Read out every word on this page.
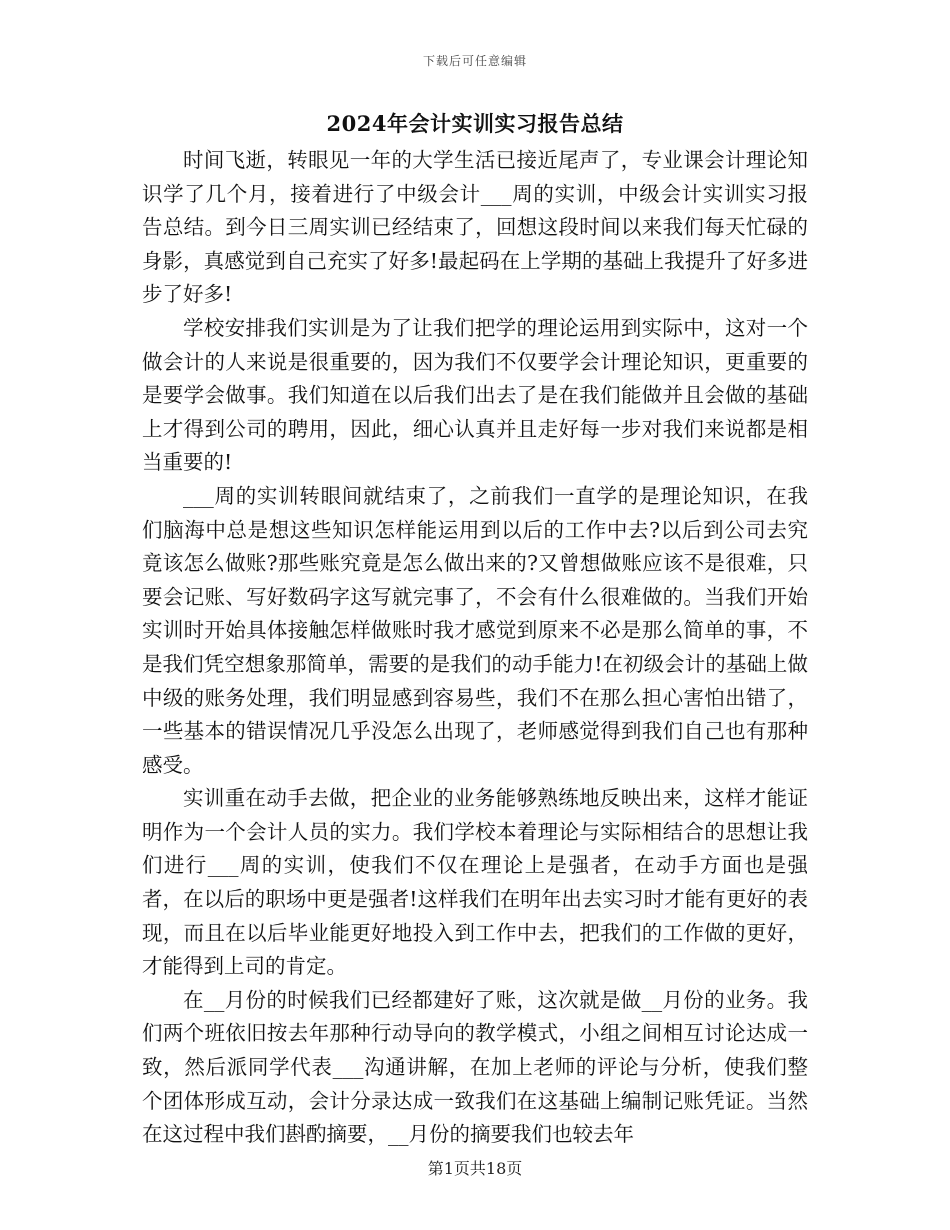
下载后可任意编辑
2024年会计实训实习报告总结

时间飞逝，转眼见一年的大学生活已接近尾声了，专业课会计理论知识学了几个月，接着进行了中级会计___周的实训，中级会计实训实习报告总结。到今日三周实训已经结束了，回想这段时间以来我们每天忙碌的身影，真感觉到自己充实了好多!最起码在上学期的基础上我提升了好多进步了好多!

学校安排我们实训是为了让我们把学的理论运用到实际中，这对一个做会计的人来说是很重要的，因为我们不仅要学会计理论知识，更重要的是要学会做事。我们知道在以后我们出去了是在我们能做并且会做的基础上才得到公司的聘用，因此，细心认真并且走好每一步对我们来说都是相当重要的!

___周的实训转眼间就结束了，之前我们一直学的是理论知识，在我们脑海中总是想这些知识怎样能运用到以后的工作中去?以后到公司去究竟该怎么做账?那些账究竟是怎么做出来的?又曾想做账应该不是很难，只要会记账、写好数码字这写就完事了，不会有什么很难做的。当我们开始实训时开始具体接触怎样做账时我才感觉到原来不必是那么简单的事，不是我们凭空想象那简单，需要的是我们的动手能力!在初级会计的基础上做中级的账务处理，我们明显感到容易些，我们不在那么担心害怕出错了，一些基本的错误情况几乎没怎么出现了，老师感觉得到我们自己也有那种感受。

实训重在动手去做，把企业的业务能够熟练地反映出来，这样才能证明作为一个会计人员的实力。我们学校本着理论与实际相结合的思想让我们进行___周的实训，使我们不仅在理论上是强者，在动手方面也是强者，在以后的职场中更是强者!这样我们在明年出去实习时才能有更好的表现，而且在以后毕业能更好地投入到工作中去，把我们的工作做的更好，才能得到上司的肯定。

在__月份的时候我们已经都建好了账，这次就是做__月份的业务。我们两个班依旧按去年那种行动导向的教学模式，小组之间相互讨论达成一致，然后派同学代表___沟通讲解，在加上老师的评论与分析，使我们整个团体形成互动，会计分录达成一致我们在这基础上编制记账凭证。当然在这过程中我们斟酌摘要，__月份的摘要我们也较去年

第1页共18页
